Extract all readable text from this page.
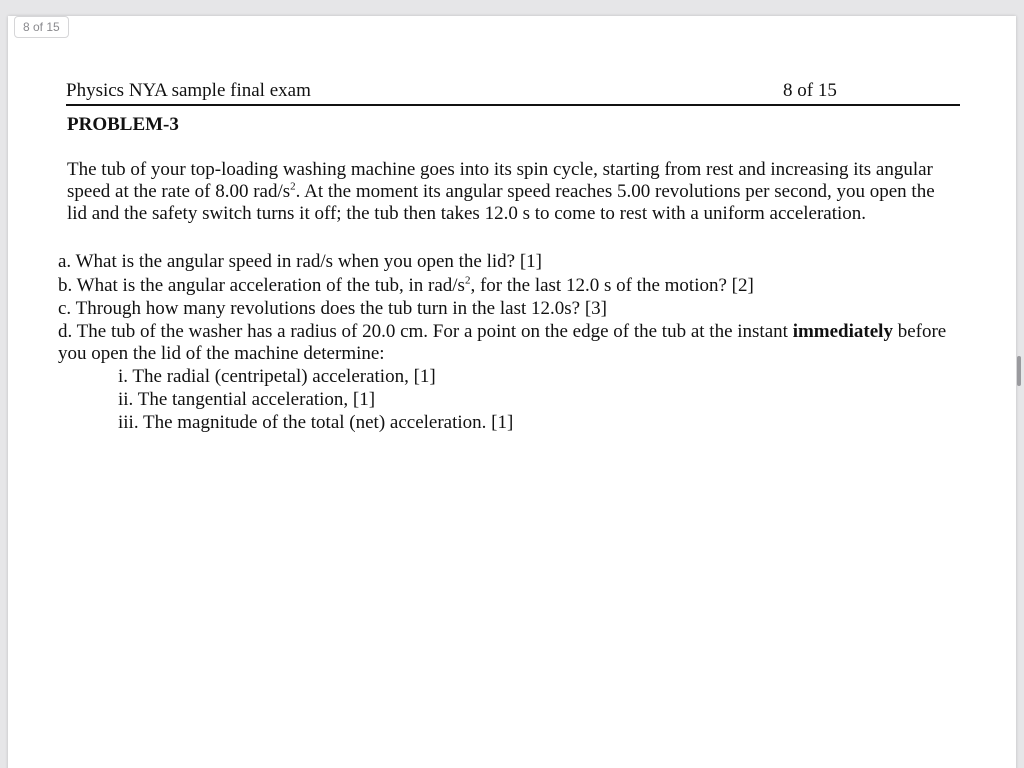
Physics NYA sample final exam	8 of 15
8 of 15
PROBLEM-3
The tub of your top-loading washing machine goes into its spin cycle, starting from rest and increasing its angular speed at the rate of 8.00 rad/$s^2$. At the moment its angular speed reaches 5.00 revolutions per second, you open the lid and the safety switch turns it off; the tub then takes 12.0 s to come to rest with a uniform acceleration.
a. What is the angular speed in rad/s when you open the lid? [1]
b. What is the angular acceleration of the tub, in rad/$s^2$, for the last 12.0 s of the motion? [2]
c. Through how many revolutions does the tub turn in the last 12.0s? [3]
d. The tub of the washer has a radius of 20.0 cm. For a point on the edge of the tub at the instant immediately before you open the lid of the machine determine:
i. The radial (centripetal) acceleration, [1]
ii. The tangential acceleration, [1]
iii. The magnitude of the total (net) acceleration. [1]
